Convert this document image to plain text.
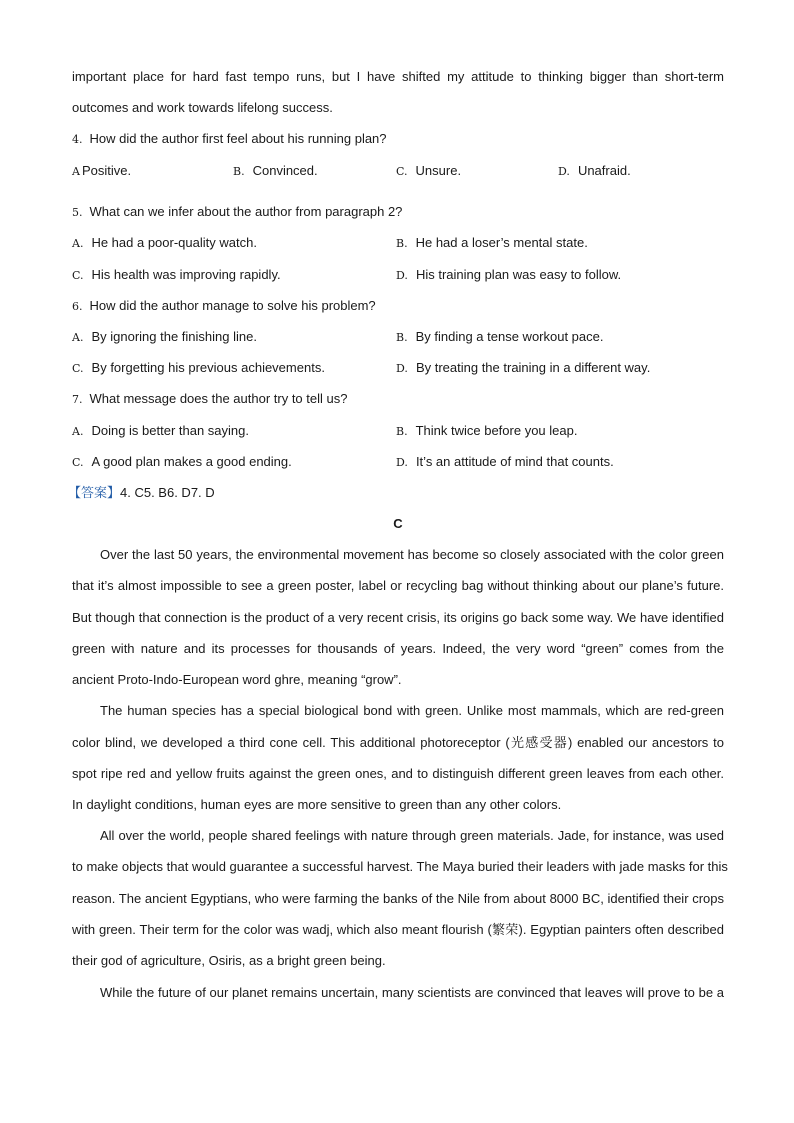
important place for hard fast tempo runs, but I have shifted my attitude to thinking bigger than short-term
outcomes and work towards lifelong success.
4. How did the author first feel about his running plan?
A Positive.	B. Convinced.	C. Unsure.	D. Unafraid.
5. What can we infer about the author from paragraph 2?
A. He had a poor-quality watch.	B. He had a loser’s mental state.
C. His health was improving rapidly.	D. His training plan was easy to follow.
6. How did the author manage to solve his problem?
A. By ignoring the finishing line.	B. By finding a tense workout pace.
C. By forgetting his previous achievements.	D. By treating the training in a different way.
7. What message does the author try to tell us?
A. Doing is better than saying.	B. Think twice before you leap.
C. A good plan makes a good ending.	D. It’s an attitude of mind that counts.
【答案】4. C5. B6. D7. D
C
Over the last 50 years, the environmental movement has become so closely associated with the color green
that it’s almost impossible to see a green poster, label or recycling bag without thinking about our plane’s future.
But though that connection is the product of a very recent crisis, its origins go back some way. We have identified
green with nature and its processes for thousands of years. Indeed, the very word “green” comes from the
ancient Proto-Indo-European word ghre, meaning “grow”.
The human species has a special biological bond with green. Unlike most mammals, which are red-green
color blind, we developed a third cone cell. This additional photoreceptor (光感受器) enabled our ancestors to
spot ripe red and yellow fruits against the green ones, and to distinguish different green leaves from each other.
In daylight conditions, human eyes are more sensitive to green than any other colors.
All over the world, people shared feelings with nature through green materials. Jade, for instance, was used
to make objects that would guarantee a successful harvest. The Maya buried their leaders with jade masks for this
reason. The ancient Egyptians, who were farming the banks of the Nile from about 8000 BC, identified their crops
with green. Their term for the color was wadj, which also meant flourish (繁荣). Egyptian painters often described
their god of agriculture, Osiris, as a bright green being.
While the future of our planet remains uncertain, many scientists are convinced that leaves will prove to be a
